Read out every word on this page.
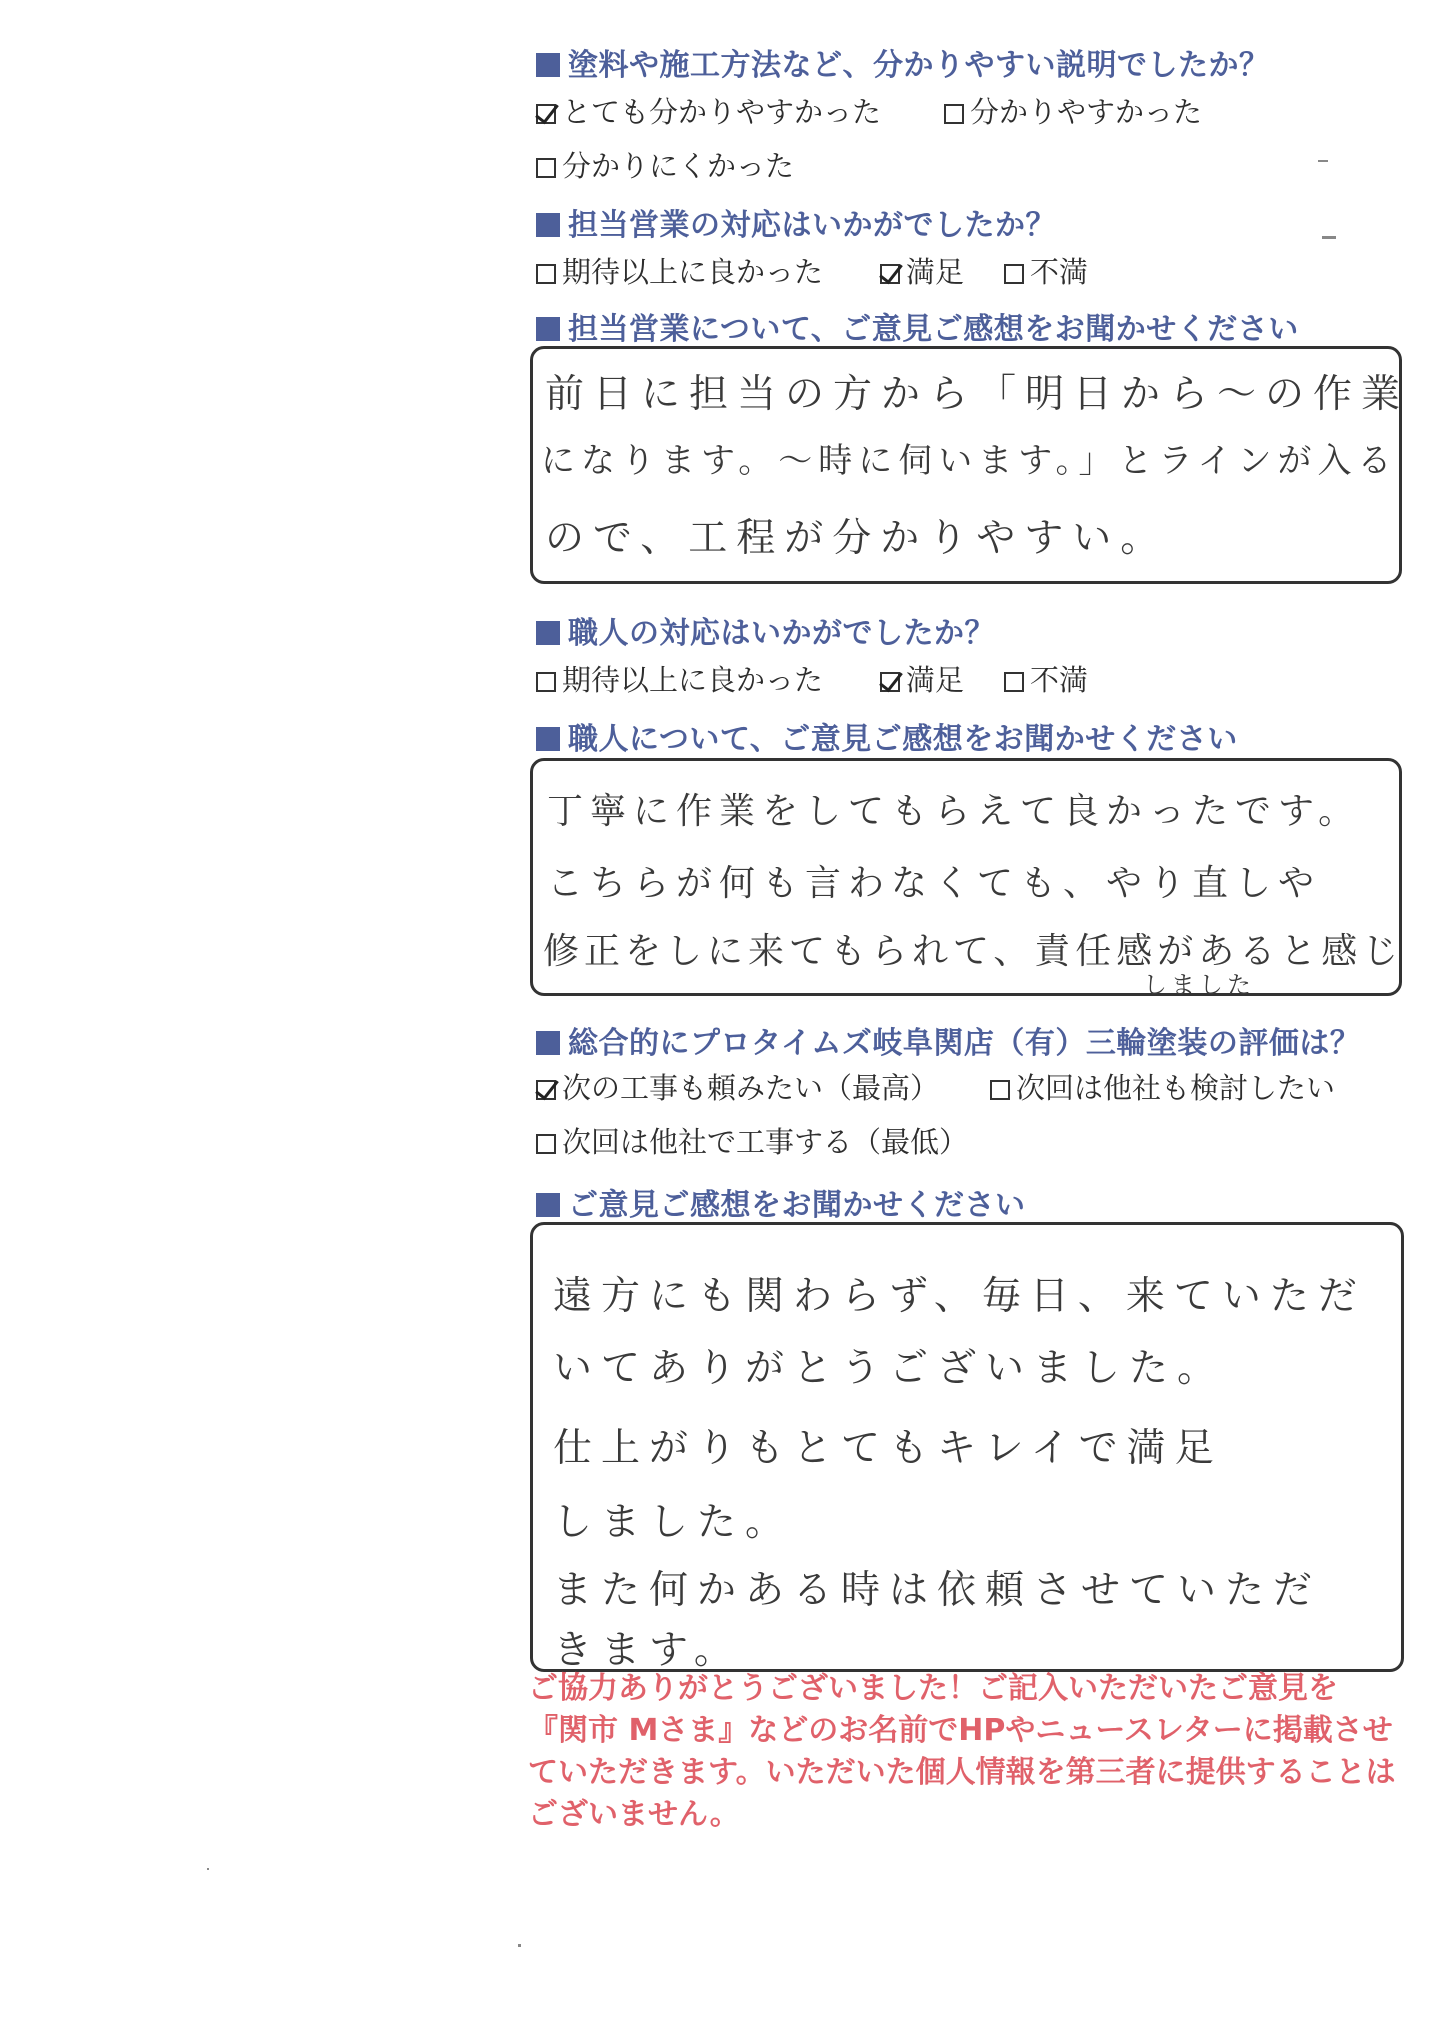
塗料や施工方法など、分かりやすい説明でしたか？
とても分かりやすかった	分かりやすかった
分かりにくかった
担当営業の対応はいかがでしたか？
期待以上に良かった	満足	不満
担当営業について、ご意見ご感想をお聞かせください
前日に担当の方から「明日から～の作業
になります。～時に伺います。」とラインが入る
ので、工程が分かりやすい。
職人の対応はいかがでしたか？
期待以上に良かった	満足	不満
職人について、ご意見ご感想をお聞かせください
丁寧に作業をしてもらえて良かったです。
こちらが何も言わなくても、やり直しや
修正をしに来てもられて、責任感があると感じ
しました
総合的にプロタイムズ岐阜関店（有）三輪塗装の評価は？
次の工事も頼みたい（最高）	次回は他社も検討したい
次回は他社で工事する（最低）
ご意見ご感想をお聞かせください
遠方にも関わらず、毎日、来ていただ
いてありがとうございました。
仕上がりもとてもキレイで満足
しました。
また何かある時は依頼させていただ
きます。
ご協力ありがとうございました！ご記入いただいたご意見を
『関市 Mさま』などのお名前でHPやニュースレターに掲載させ
ていただきます。いただいた個人情報を第三者に提供することは
ございません。
